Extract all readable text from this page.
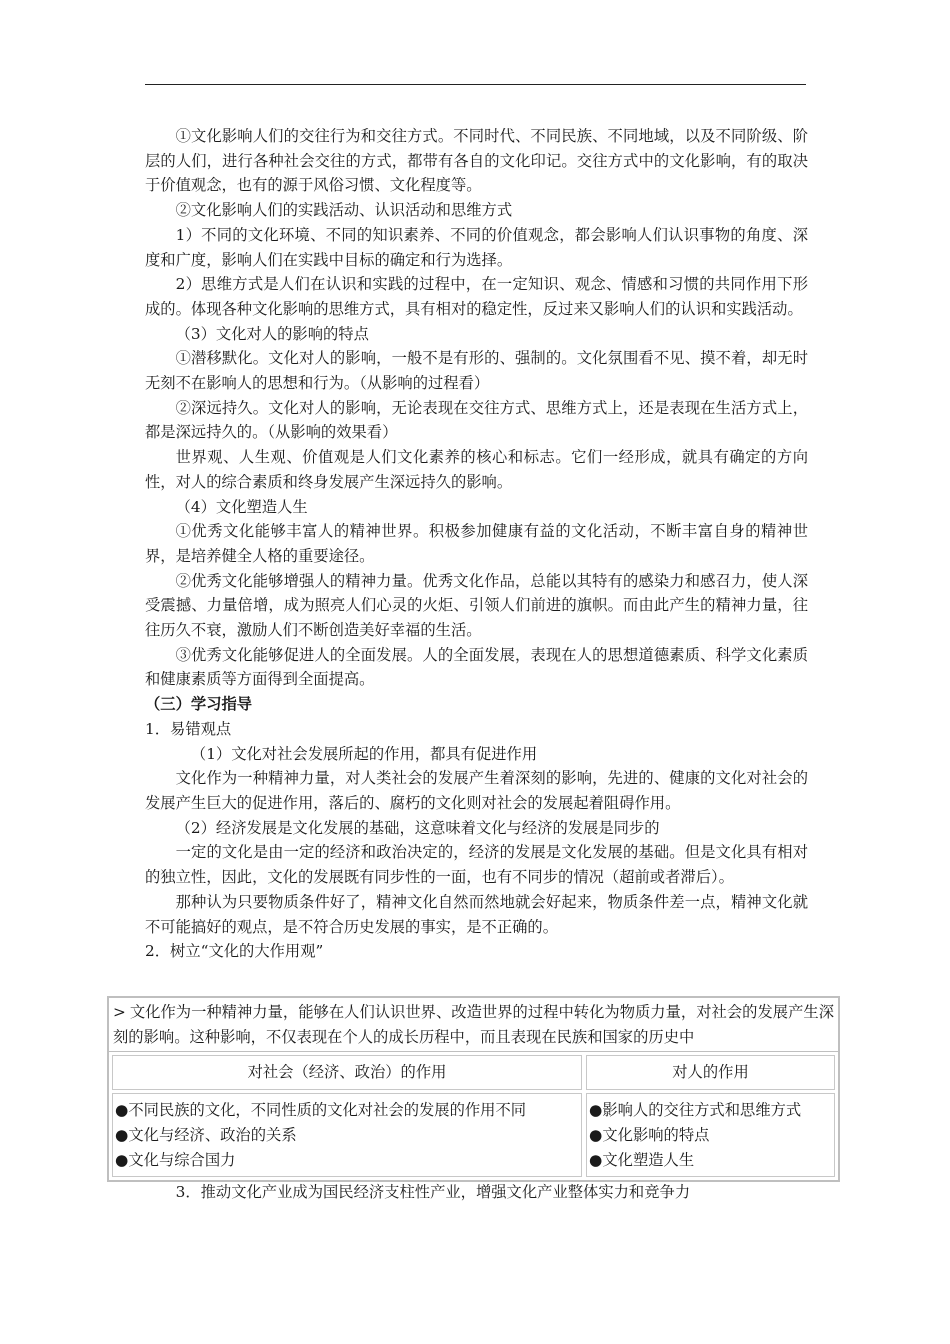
①文化影响人们的交往行为和交往方式。不同时代、不同民族、不同地域，以及不同阶级、阶层的人们，进行各种社会交往的方式，都带有各自的文化印记。交往方式中的文化影响，有的取决于价值观念，也有的源于风俗习惯、文化程度等。

②文化影响人们的实践活动、认识活动和思维方式

1）不同的文化环境、不同的知识素养、不同的价值观念，都会影响人们认识事物的角度、深度和广度，影响人们在实践中目标的确定和行为选择。

2）思维方式是人们在认识和实践的过程中，在一定知识、观念、情感和习惯的共同作用下形成的。体现各种文化影响的思维方式，具有相对的稳定性，反过来又影响人们的认识和实践活动。

（3）文化对人的影响的特点

①潜移默化。文化对人的影响，一般不是有形的、强制的。文化氛围看不见、摸不着，却无时无刻不在影响人的思想和行为。（从影响的过程看）

②深远持久。文化对人的影响，无论表现在交往方式、思维方式上，还是表现在生活方式上，都是深远持久的。（从影响的效果看）

世界观、人生观、价值观是人们文化素养的核心和标志。它们一经形成，就具有确定的方向性，对人的综合素质和终身发展产生深远持久的影响。

（4）文化塑造人生

①优秀文化能够丰富人的精神世界。积极参加健康有益的文化活动，不断丰富自身的精神世界，是培养健全人格的重要途径。

②优秀文化能够增强人的精神力量。优秀文化作品，总能以其特有的感染力和感召力，使人深受震撼、力量倍增，成为照亮人们心灵的火炬、引领人们前进的旗帜。而由此产生的精神力量，往往历久不衰，激励人们不断创造美好幸福的生活。

③优秀文化能够促进人的全面发展。人的全面发展，表现在人的思想道德素质、科学文化素质和健康素质等方面得到全面提高。

（三）学习指导

1．易错观点

（1）文化对社会发展所起的作用，都具有促进作用

文化作为一种精神力量，对人类社会的发展产生着深刻的影响，先进的、健康的文化对社会的发展产生巨大的促进作用，落后的、腐朽的文化则对社会的发展起着阻碍作用。

（2）经济发展是文化发展的基础，这意味着文化与经济的发展是同步的

一定的文化是由一定的经济和政治决定的，经济的发展是文化发展的基础。但是文化具有相对的独立性，因此，文化的发展既有同步性的一面，也有不同步的情况（超前或者滞后）。

那种认为只要物质条件好了，精神文化自然而然地就会好起来，物质条件差一点，精神文化就不可能搞好的观点，是不符合历史发展的事实，是不正确的。

2．树立“文化的大作用观”

> 文化作为一种精神力量，能够在人们认识世界、改造世界的过程中转化为物质力量，对社会的发展产生深刻的影响。这种影响，不仅表现在个人的成长历程中，而且表现在民族和国家的历史中
对社会（经济、政治）的作用
●不同民族的文化，不同性质的文化对社会的发展的作用不同
●文化与经济、政治的关系
●文化与综合国力
对人的作用
●影响人的交往方式和思维方式
●文化影响的特点
●文化塑造人生

3．推动文化产业成为国民经济支柱性产业，增强文化产业整体实力和竞争力
